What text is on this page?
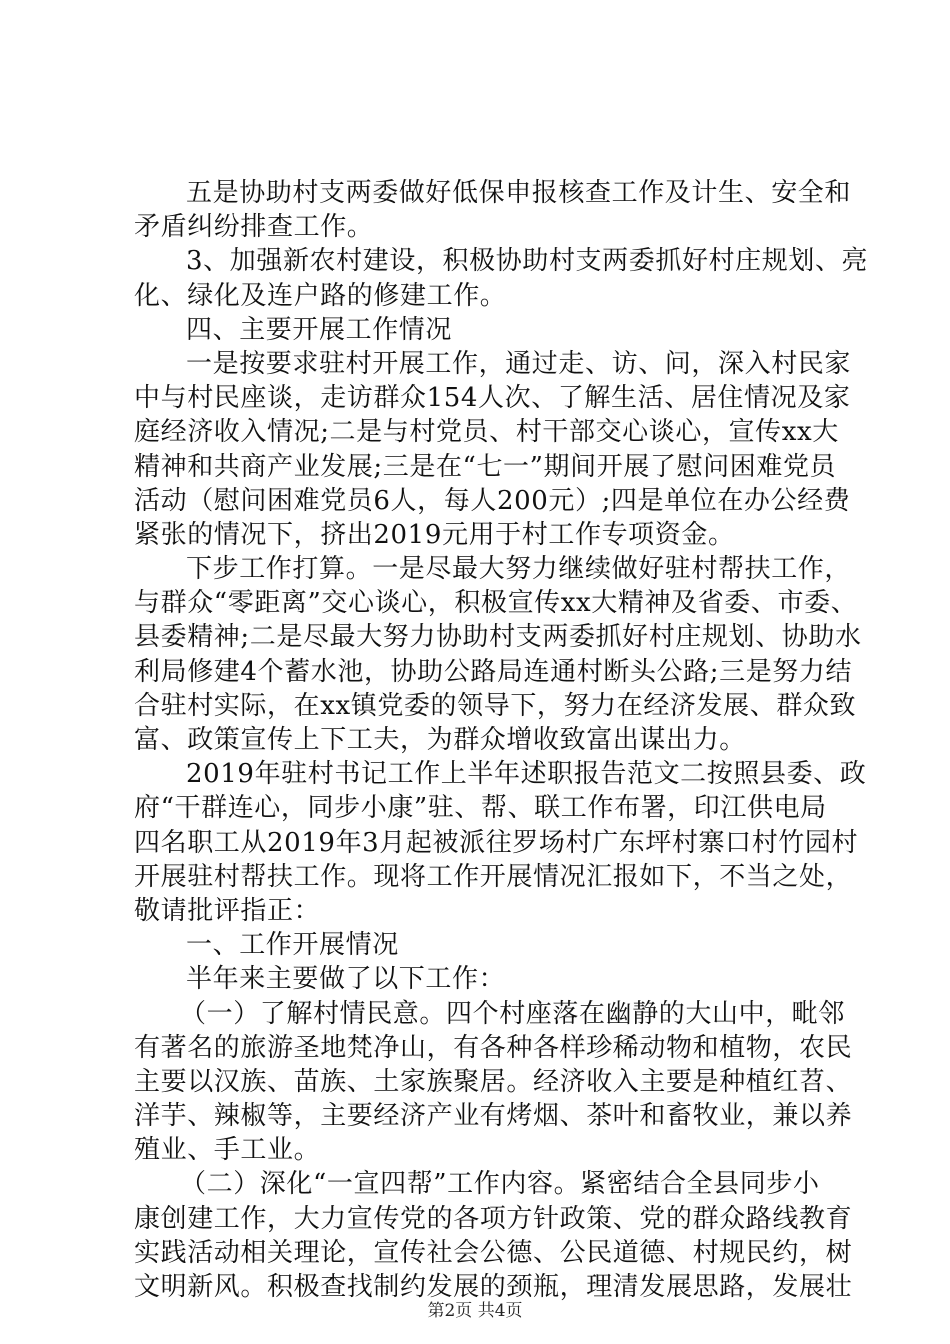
五是协助村支两委做好低保申报核查工作及计生、安全和
矛盾纠纷排查工作。
3、加强新农村建设，积极协助村支两委抓好村庄规划、亮
化、绿化及连户路的修建工作。
四、主要开展工作情况
一是按要求驻村开展工作，通过走、访、问，深入村民家
中与村民座谈，走访群众154人次、了解生活、居住情况及家
庭经济收入情况;二是与村党员、村干部交心谈心，宣传xx大
精神和共商产业发展;三是在“七一”期间开展了慰问困难党员
活动（慰问困难党员6人，每人200元）;四是单位在办公经费
紧张的情况下，挤出2019元用于村工作专项资金。
下步工作打算。一是尽最大努力继续做好驻村帮扶工作，
与群众“零距离”交心谈心，积极宣传xx大精神及省委、市委、
县委精神;二是尽最大努力协助村支两委抓好村庄规划、协助水
利局修建4个蓄水池，协助公路局连通村断头公路;三是努力结
合驻村实际，在xx镇党委的领导下，努力在经济发展、群众致
富、政策宣传上下工夫，为群众增收致富出谋出力。
2019年驻村书记工作上半年述职报告范文二按照县委、政
府“干群连心，同步小康”驻、帮、联工作布署，印江供电局
四名职工从2019年3月起被派往罗场村广东坪村寨口村竹园村
开展驻村帮扶工作。现将工作开展情况汇报如下，不当之处，
敬请批评指正：
一、工作开展情况
半年来主要做了以下工作：
（一）了解村情民意。四个村座落在幽静的大山中，毗邻
有著名的旅游圣地梵净山，有各种各样珍稀动物和植物，农民
主要以汉族、苗族、土家族聚居。经济收入主要是种植红苕、
洋芋、辣椒等，主要经济产业有烤烟、茶叶和畜牧业，兼以养
殖业、手工业。
（二）深化“一宣四帮”工作内容。紧密结合全县同步小
康创建工作，大力宣传党的各项方针政策、党的群众路线教育
实践活动相关理论，宣传社会公德、公民道德、村规民约，树
文明新风。积极查找制约发展的颈瓶，理清发展思路，发展壮
第2页 共4页
